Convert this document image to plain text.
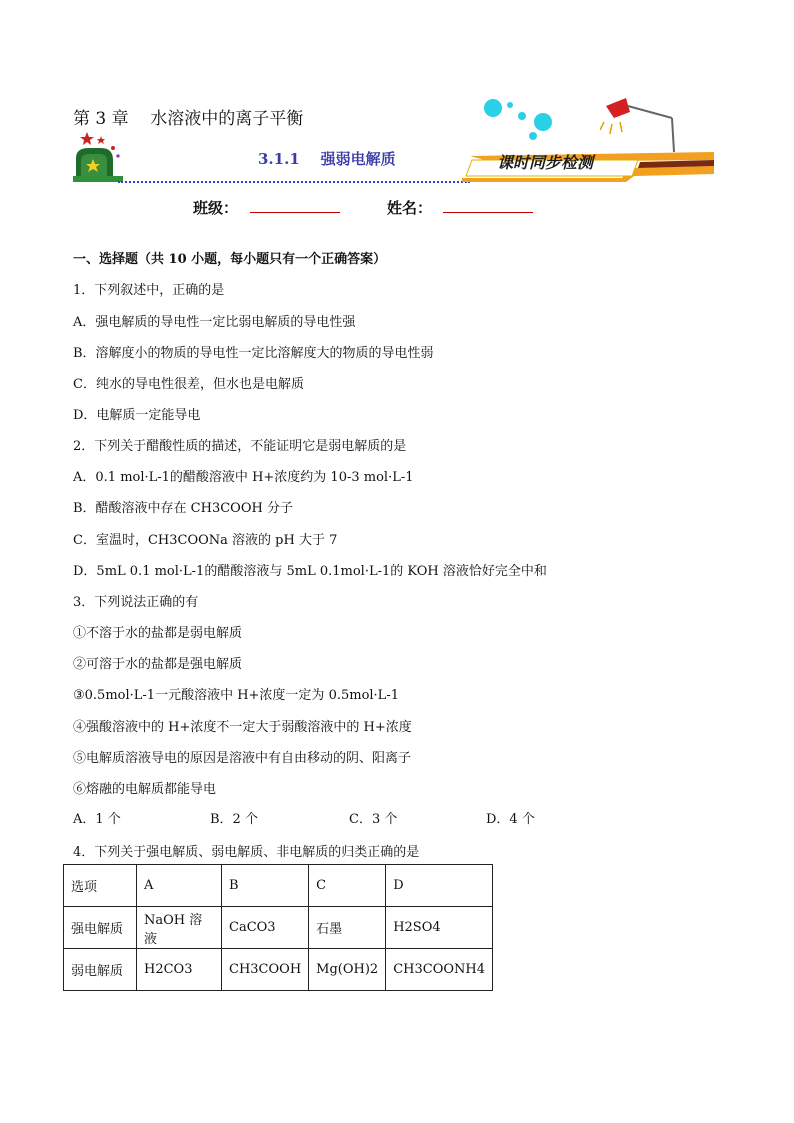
第 3 章    水溶液中的离子平衡
3.1.1    强弱电解质	课时同步检测
班级：	姓名：
一、选择题（共 10 小题，每小题只有一个正确答案）
1．下列叙述中，正确的是
A．强电解质的导电性一定比弱电解质的导电性强
B．溶解度小的物质的导电性一定比溶解度大的物质的导电性弱
C．纯水的导电性很差，但水也是电解质
D．电解质一定能导电
2．下列关于醋酸性质的描述，不能证明它是弱电解质的是
A．0.1 mol·L-1的醋酸溶液中 H+浓度约为 10-3 mol·L-1
B．醋酸溶液中存在 CH3COOH 分子
C．室温时，CH3COONa 溶液的 pH 大于 7
D．5mL 0.1 mol·L-1的醋酸溶液与 5mL 0.1mol·L-1的 KOH 溶液恰好完全中和
3．下列说法正确的有
①不溶于水的盐都是弱电解质
②可溶于水的盐都是强电解质
③0.5mol·L-1一元酸溶液中 H+浓度一定为 0.5mol·L-1
④强酸溶液中的 H+浓度不一定大于弱酸溶液中的 H+浓度
⑤电解质溶液导电的原因是溶液中有自由移动的阴、阳离子
⑥熔融的电解质都能导电
A．1 个	B．2 个	C．3 个	D．4 个
4．下列关于强电解质、弱电解质、非电解质的归类正确的是
选项	A	B	C	D
强电解质	NaOH 溶液	CaCO3	石墨	H2SO4
弱电解质	H2CO3	CH3COOH	Mg(OH)2	CH3COONH4
